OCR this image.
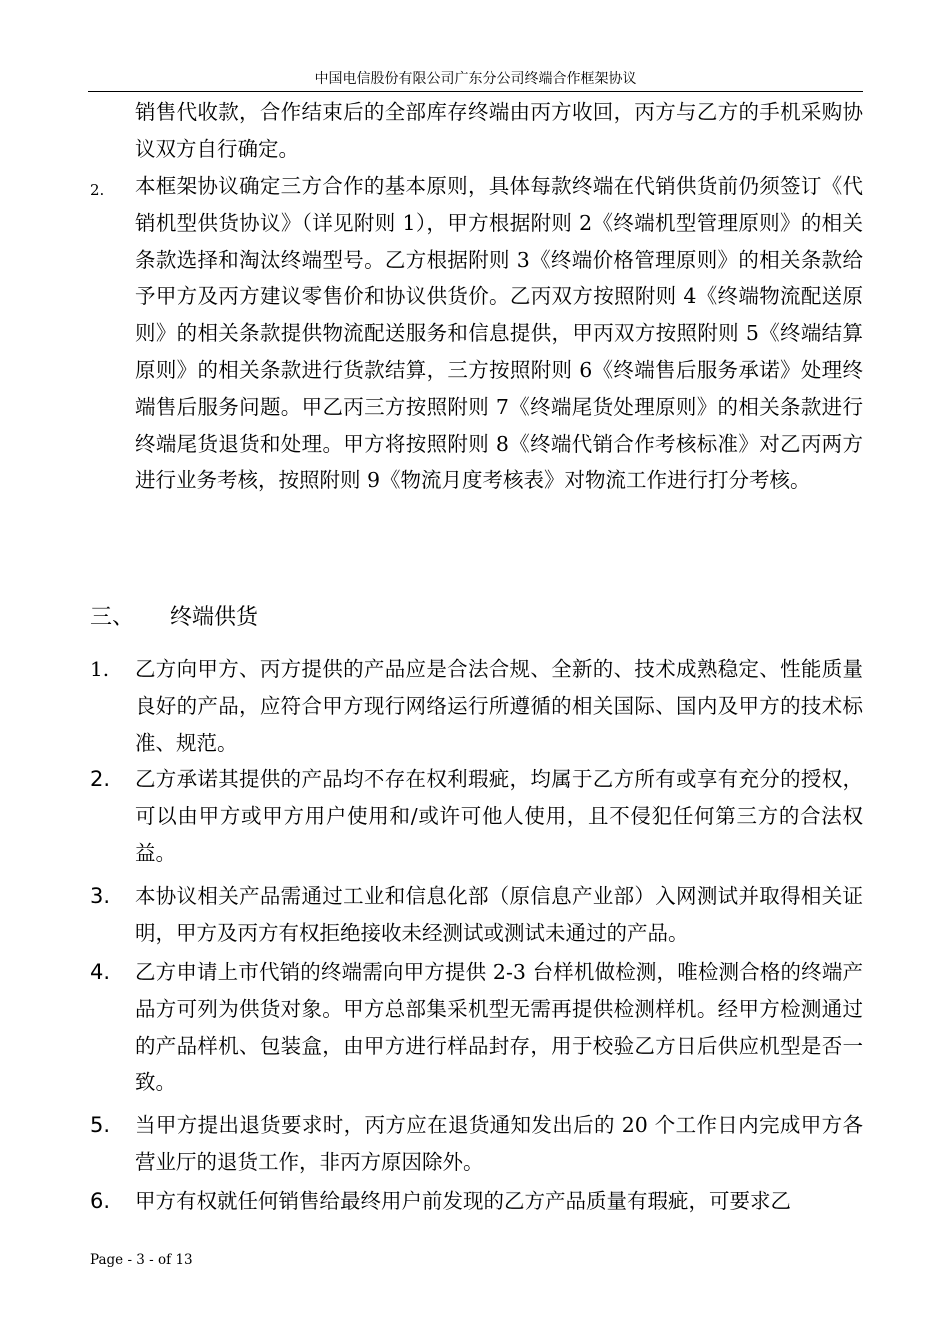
中国电信股份有限公司广东分公司终端合作框架协议
销售代收款，合作结束后的全部库存终端由丙方收回，丙方与乙方的手机采购协议双方自行确定。
2. 本框架协议确定三方合作的基本原则，具体每款终端在代销供货前仍须签订《代销机型供货协议》（详见附则 1），甲方根据附则 2《终端机型管理原则》的相关条款选择和淘汰终端型号。乙方根据附则 3《终端价格管理原则》的相关条款给予甲方及丙方建议零售价和协议供货价。乙丙双方按照附则 4《终端物流配送原则》的相关条款提供物流配送服务和信息提供，甲丙双方按照附则 5《终端结算原则》的相关条款进行货款结算，三方按照附则 6《终端售后服务承诺》处理终端售后服务问题。甲乙丙三方按照附则 7《终端尾货处理原则》的相关条款进行终端尾货退货和处理。甲方将按照附则 8《终端代销合作考核标准》对乙丙两方进行业务考核，按照附则 9《物流月度考核表》对物流工作进行打分考核。
三、 终端供货
1. 乙方向甲方、丙方提供的产品应是合法合规、全新的、技术成熟稳定、性能质量良好的产品，应符合甲方现行网络运行所遵循的相关国际、国内及甲方的技术标准、规范。
2. 乙方承诺其提供的产品均不存在权利瑕疵，均属于乙方所有或享有充分的授权，可以由甲方或甲方用户使用和/或许可他人使用，且不侵犯任何第三方的合法权益。
3. 本协议相关产品需通过工业和信息化部（原信息产业部）入网测试并取得相关证明，甲方及丙方有权拒绝接收未经测试或测试未通过的产品。
4. 乙方申请上市代销的终端需向甲方提供 2-3 台样机做检测，唯检测合格的终端产品方可列为供货对象。甲方总部集采机型无需再提供检测样机。经甲方检测通过的产品样机、包装盒，由甲方进行样品封存，用于校验乙方日后供应机型是否一致。
5. 当甲方提出退货要求时，丙方应在退货通知发出后的 20 个工作日内完成甲方各营业厅的退货工作，非丙方原因除外。
6. 甲方有权就任何销售给最终用户前发现的乙方产品质量有瑕疵，可要求乙
Page - 3 - of 13
